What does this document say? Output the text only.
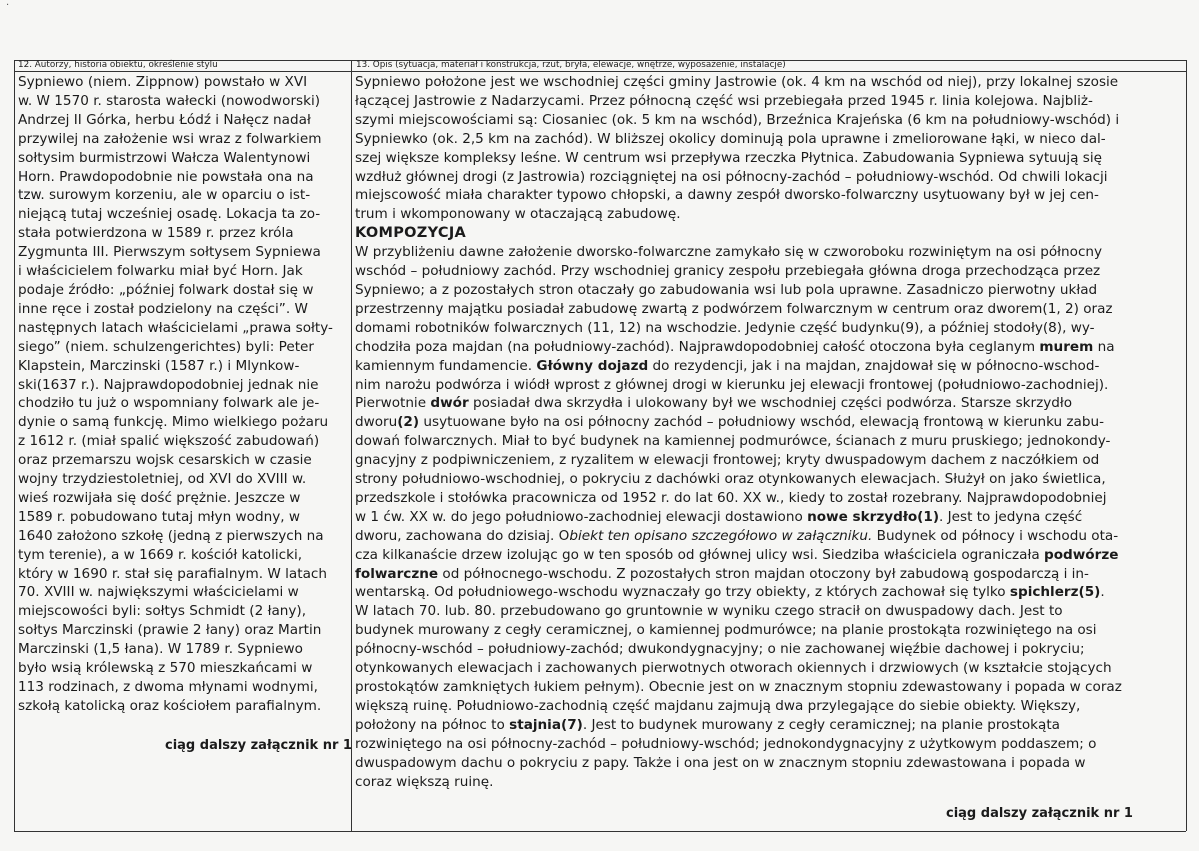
·
12. Autorzy, historia obiektu, określenie stylu	13. Opis (sytuacja, materiał i konstrukcja, rzut, bryła, elewacje, wnętrze, wyposażenie, instalacje)
Sypniewo (niem. Zippnow) powstało w XVI
w. W 1570 r. starosta wałecki (nowodworski)
Andrzej II Górka, herbu Łódź i Nałęcz nadał
przywilej na założenie wsi wraz z folwarkiem
sołtysim burmistrzowi Wałcza Walentynowi
Horn. Prawdopodobnie nie powstała ona na
tzw. surowym korzeniu, ale w oparciu o ist-
niejącą tutaj wcześniej osadę. Lokacja ta zo-
stała potwierdzona w 1589 r. przez króla
Zygmunta III. Pierwszym sołtysem Sypniewa
i właścicielem folwarku miał być Horn. Jak
podaje źródło: „później folwark dostał się w
inne ręce i został podzielony na części”. W
następnych latach właścicielami „prawa sołty-
siego” (niem. schulzengerichtes) byli: Peter
Klapstein, Marczinski (1587 r.) i Mlynkow-
ski(1637 r.). Najprawdopodobniej jednak nie
chodziło tu już o wspomniany folwark ale je-
dynie o samą funkcję. Mimo wielkiego pożaru
z 1612 r. (miał spalić większość zabudowań)
oraz przemarszu wojsk cesarskich w czasie
wojny trzydziestoletniej, od XVI do XVIII w.
wieś rozwijała się dość prężnie. Jeszcze w
1589 r. pobudowano tutaj młyn wodny, w
1640 założono szkołę (jedną z pierwszych na
tym terenie), a w 1669 r. kościół katolicki,
który w 1690 r. stał się parafialnym. W latach
70. XVIII w. największymi właścicielami w
miejscowości byli: sołtys Schmidt (2 łany),
sołtys Marczinski (prawie 2 łany) oraz Martin
Marczinski (1,5 łana). W 1789 r. Sypniewo
było wsią królewską z 570 mieszkańcami w
113 rodzinach, z dwoma młynami wodnymi,
szkołą katolicką oraz kościołem parafialnym.
ciąg dalszy załącznik nr 1
Sypniewo położone jest we wschodniej części gminy Jastrowie (ok. 4 km na wschód od niej), przy lokalnej szosie
łączącej Jastrowie z Nadarzycami. Przez północną część wsi przebiegała przed 1945 r. linia kolejowa. Najbliż-
szymi miejscowościami są: Ciosaniec (ok. 5 km na wschód), Brzeźnica Krajeńska (6 km na południowy-wschód) i
Sypniewko (ok. 2,5 km na zachód). W bliższej okolicy dominują pola uprawne i zmeliorowane łąki, w nieco dal-
szej większe kompleksy leśne. W centrum wsi przepływa rzeczka Płytnica. Zabudowania Sypniewa sytuują się
wzdłuż głównej drogi (z Jastrowia) rozciągniętej na osi północny-zachód – południowy-wschód. Od chwili lokacji
miejscowość miała charakter typowo chłopski, a dawny zespół dworsko-folwarczny usytuowany był w jej cen-
trum i wkomponowany w otaczającą zabudowę.
KOMPOZYCJA
W przybliżeniu dawne założenie dworsko-folwarczne zamykało się w czworoboku rozwiniętym na osi północny
wschód – południowy zachód. Przy wschodniej granicy zespołu przebiegała główna droga przechodząca przez
Sypniewo; a z pozostałych stron otaczały go zabudowania wsi lub pola uprawne. Zasadniczo pierwotny układ
przestrzenny majątku posiadał zabudowę zwartą z podwórzem folwarcznym w centrum oraz dworem(1, 2) oraz
domami robotników folwarcznych (11, 12) na wschodzie. Jedynie część budynku(9), a później stodoły(8), wy-
chodziła poza majdan (na południowy-zachód). Najprawdopodobniej całość otoczona była ceglanym murem na
kamiennym fundamencie. Główny dojazd do rezydencji, jak i na majdan, znajdował się w północno-wschod-
nim narożu podwórza i wiódł wprost z głównej drogi w kierunku jej elewacji frontowej (południowo-zachodniej).
Pierwotnie dwór posiadał dwa skrzydła i ulokowany był we wschodniej części podwórza. Starsze skrzydło
dworu(2) usytuowane było na osi północny zachód – południowy wschód, elewacją frontową w kierunku zabu-
dowań folwarcznych. Miał to być budynek na kamiennej podmurówce, ścianach z muru pruskiego; jednokondy-
gnacyjny z podpiwniczeniem, z ryzalitem w elewacji frontowej; kryty dwuspadowym dachem z naczółkiem od
strony południowo-wschodniej, o pokryciu z dachówki oraz otynkowanych elewacjach. Służył on jako świetlica,
przedszkole i stołówka pracownicza od 1952 r. do lat 60. XX w., kiedy to został rozebrany. Najprawdopodobniej
w 1 ćw. XX w. do jego południowo-zachodniej elewacji dostawiono nowe skrzydło(1). Jest to jedyna część
dworu, zachowana do dzisiaj. Obiekt ten opisano szczegółowo w załączniku. Budynek od północy i wschodu ota-
cza kilkanaście drzew izolując go w ten sposób od głównej ulicy wsi. Siedziba właściciela ograniczała podwórze
folwarczne od północnego-wschodu. Z pozostałych stron majdan otoczony był zabudową gospodarczą i in-
wentarską. Od południowego-wschodu wyznaczały go trzy obiekty, z których zachował się tylko spichlerz(5).
W latach 70. lub. 80. przebudowano go gruntownie w wyniku czego stracił on dwuspadowy dach. Jest to
budynek murowany z cegły ceramicznej, o kamiennej podmurówce; na planie prostokąta rozwiniętego na osi
północny-wschód – południowy-zachód; dwukondygnacyjny; o nie zachowanej więźbie dachowej i pokryciu;
otynkowanych elewacjach i zachowanych pierwotnych otworach okiennych i drzwiowych (w kształcie stojących
prostokątów zamkniętych łukiem pełnym). Obecnie jest on w znacznym stopniu zdewastowany i popada w coraz
większą ruinę. Południowo-zachodnią część majdanu zajmują dwa przylegające do siebie obiekty. Większy,
położony na północ to stajnia(7). Jest to budynek murowany z cegły ceramicznej; na planie prostokąta
rozwiniętego na osi północny-zachód – południowy-wschód; jednokondygnacyjny z użytkowym poddaszem; o
dwuspadowym dachu o pokryciu z papy. Także i ona jest on w znacznym stopniu zdewastowana i popada w
coraz większą ruinę.
ciąg dalszy załącznik nr 1
